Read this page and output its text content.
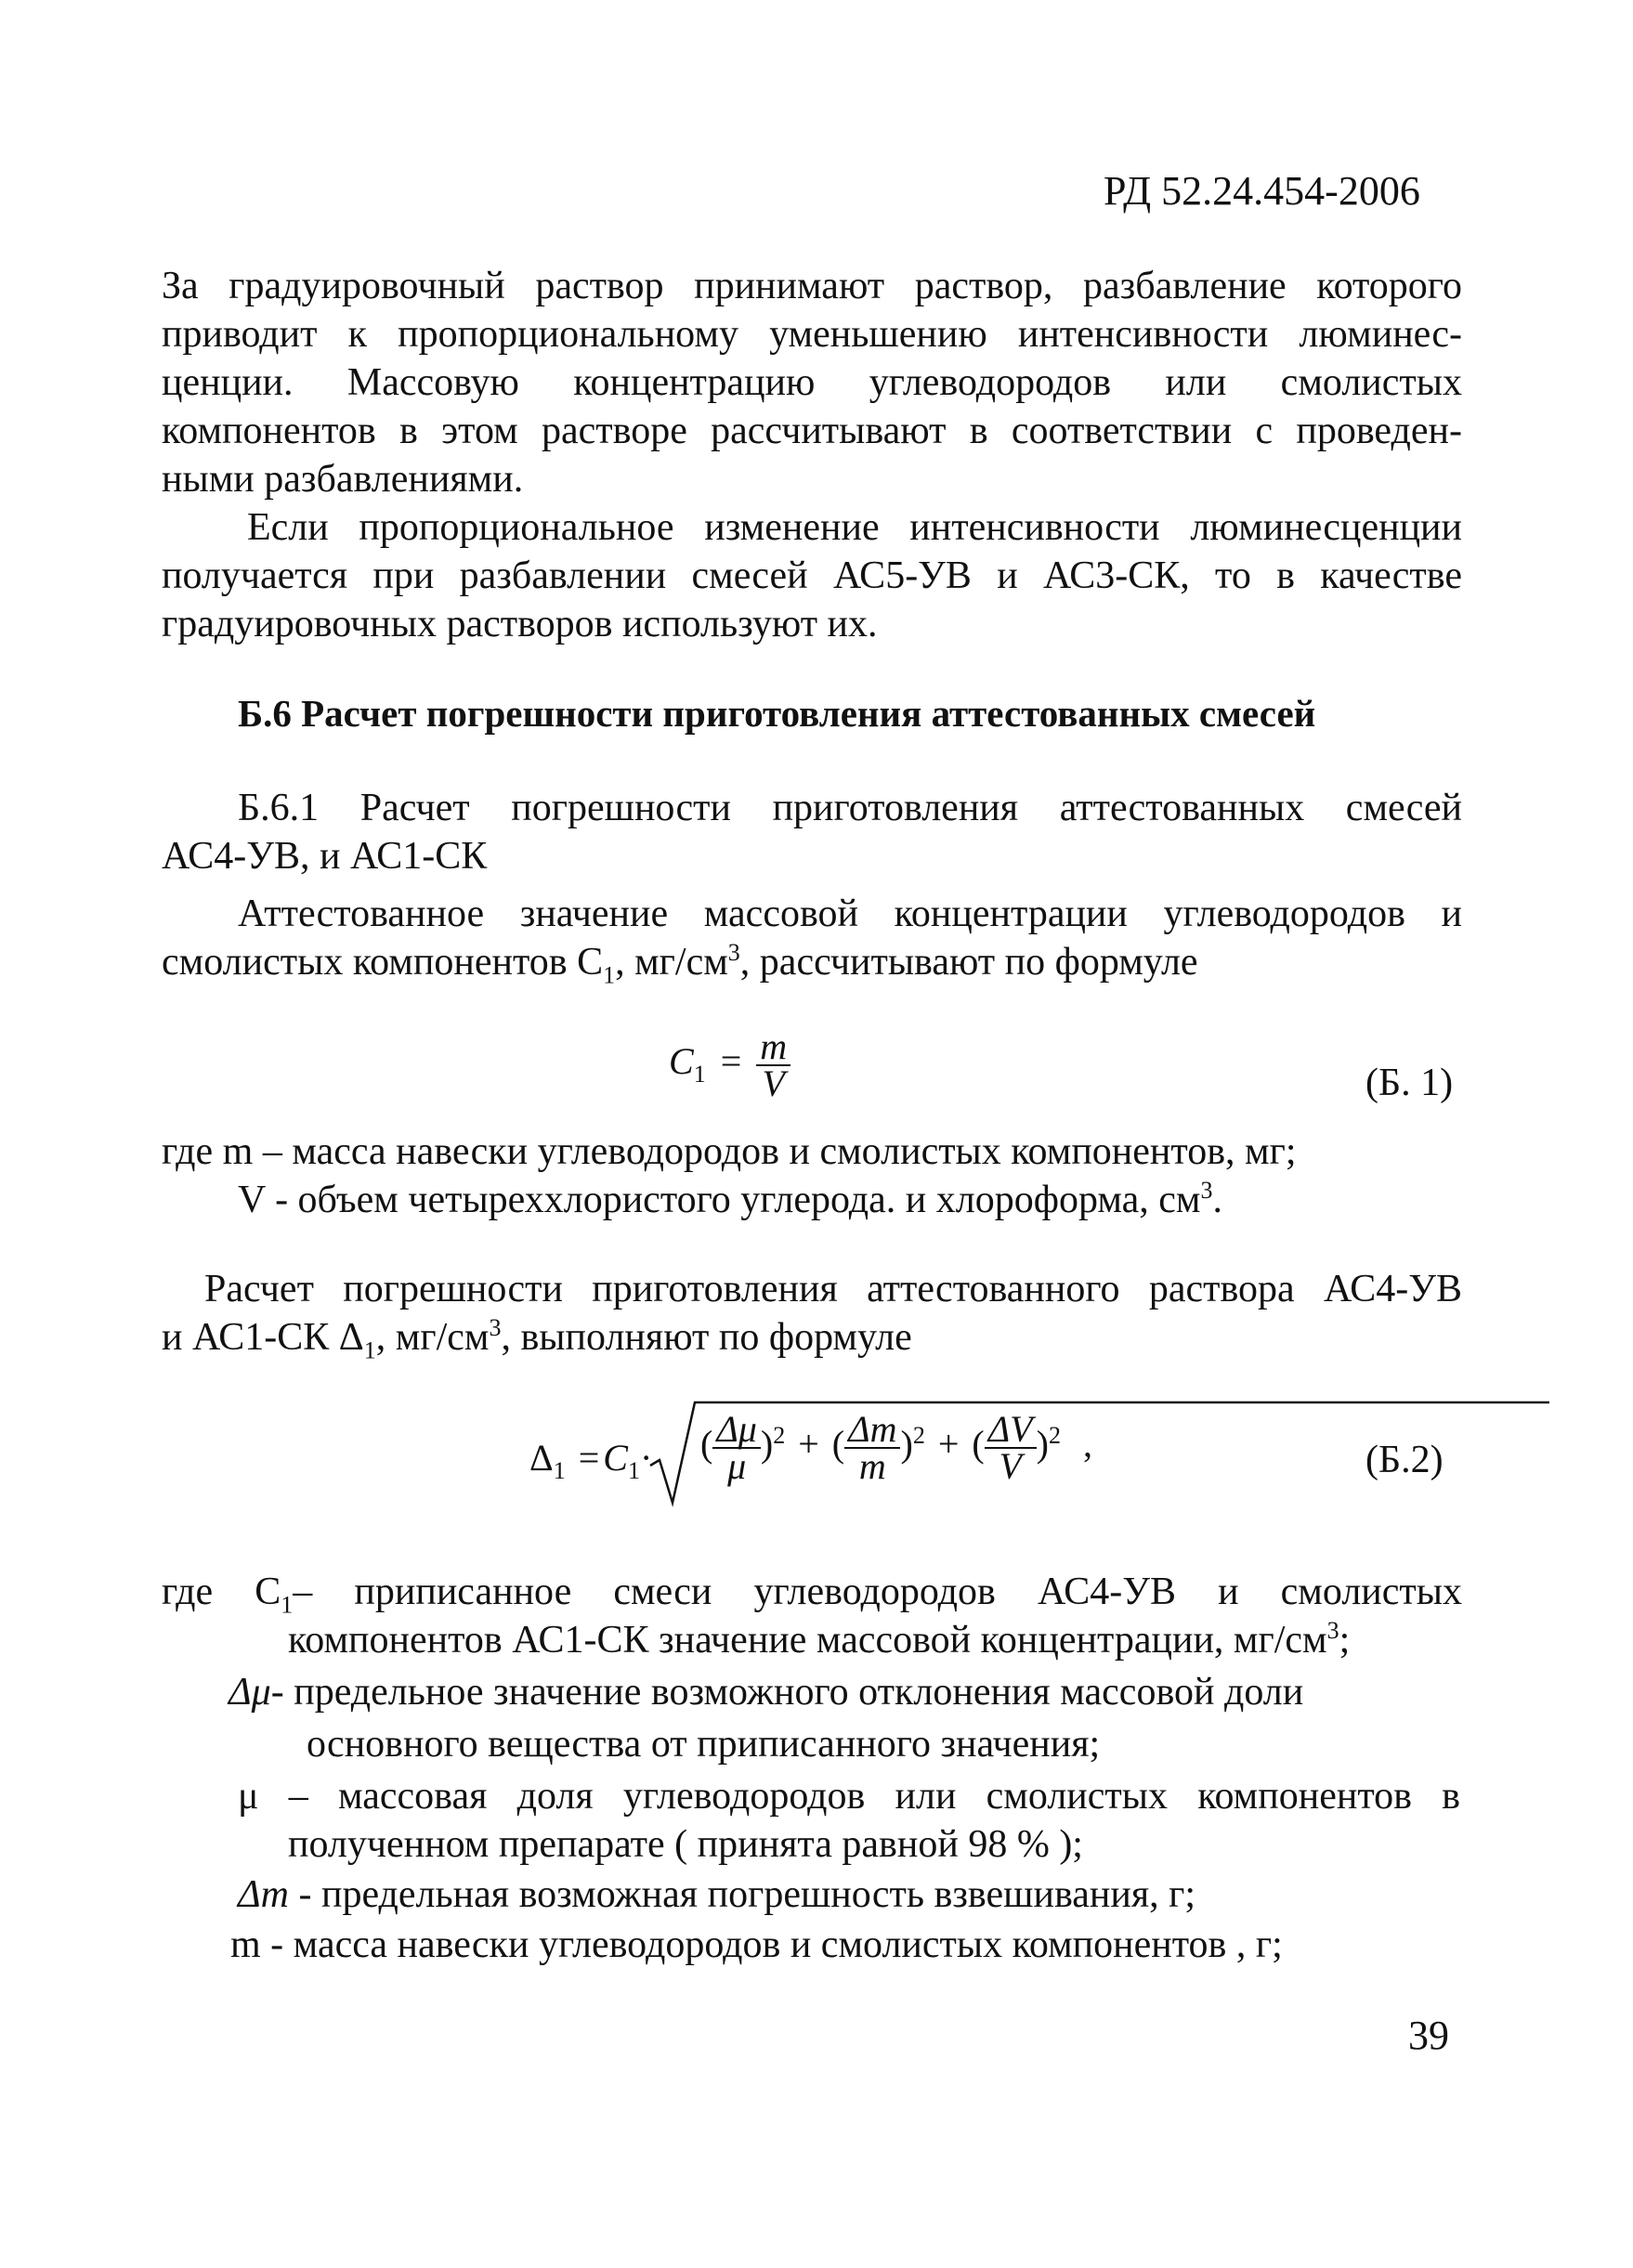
РД 52.24.454-2006
За градуировочный раствор принимают раствор, разбавление которого
приводит к пропорциональному уменьшению интенсивности люминес-
ценции. Массовую концентрацию углеводородов или смолистых
компонентов в этом растворе рассчитывают в соответствии с проведен-
ными разбавлениями.
Если пропорциональное изменение интенсивности люминесценции
получается при разбавлении смесей АС5-УВ и АС3-СК, то в качестве
градуировочных растворов используют их.
Б.6 Расчет погрешности приготовления аттестованных смесей
Б.6.1 Расчет погрешности приготовления аттестованных смесей
АС4-УВ, и АС1-СК
Аттестованное значение массовой концентрации углеводородов и
смолистых компонентов $С_1$, $мг/см^3$, рассчитывают по формуле
$C_1 = \frac{m}{V}$	(Б. 1)
где m – масса навески углеводородов и смолистых компонентов, мг;
V - объем четыреххлористого углерода. и хлороформа, $см^3$.
Расчет погрешности приготовления аттестованного раствора АС4-УВ
и АС1-СК $\Delta_1$, $мг/см^3$, выполняют по формуле
$\Delta_1 = C_1\cdot$ ( $\frac{\Delta\mu}{\mu} )^2$ + ( $\frac{\Delta m}{m} )^2$ + ( $\frac{\Delta V}{V} )^2$ ,	(Б.2)
где $С_1-$ приписанное смеси углеводородов АС4-УВ и смолистых
компонентов АС1-СК значение массовой концентрации, $мг/см^3$;
Δμ- предельное значение возможного отклонения массовой доли
основного вещества от приписанного значения;
μ – массовая доля углеводородов или смолистых компонентов в
полученном препарате ( принята равной 98 % );
Δm - предельная возможная погрешность взвешивания, г;
m - масса навески углеводородов и смолистых компонентов , г;
39
